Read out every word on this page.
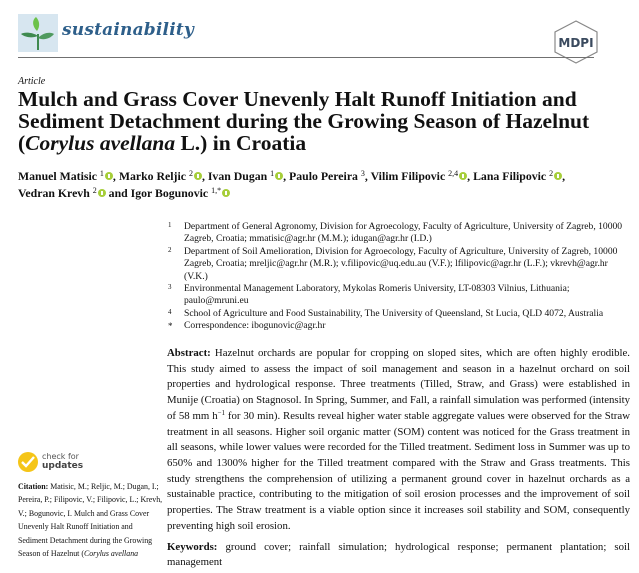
sustainability
MDPI
Article
Mulch and Grass Cover Unevenly Halt Runoff Initiation and Sediment Detachment during the Growing Season of Hazelnut (Corylus avellana L.) in Croatia
Manuel Matisic $^1$ , Marko Reljic $^2$ , Ivan Dugan $^1$ , Paulo Pereira $^3$, Vilim Filipovic $^{2,4}$ , Lana Filipovic $^2$ ,
Vedran Krevh $^2$ and Igor Bogunovic $^{1,*}$
1 Department of General Agronomy, Division for Agroecology, Faculty of Agriculture, University of Zagreb, 10000 Zagreb, Croatia; mmatisic@agr.hr (M.M.); idugan@agr.hr (I.D.)
2 Department of Soil Amelioration, Division for Agroecology, Faculty of Agriculture, University of Zagreb, 10000 Zagreb, Croatia; mreljic@agr.hr (M.R.); v.filipovic@uq.edu.au (V.F.); lfilipovic@agr.hr (L.F.); vkrevh@agr.hr (V.K.)
3 Environmental Management Laboratory, Mykolas Romeris University, LT-08303 Vilnius, Lithuania; paulo@mruni.eu
4 School of Agriculture and Food Sustainability, The University of Queensland, St Lucia, QLD 4072, Australia
* Correspondence: ibogunovic@agr.hr
check for
updates
Citation: Matisic, M.; Reljic, M.; Dugan, I.; Pereira, P.; Filipovic, V.; Filipovic, L.; Krevh, V.; Bogunovic, I. Mulch and Grass Cover Unevenly Halt Runoff Initiation and Sediment Detachment during the Growing Season of Hazelnut (Corylus avellana

Abstract: Hazelnut orchards are popular for cropping on sloped sites, which are often highly erodible. This study aimed to assess the impact of soil management and season in a hazelnut orchard on soil properties and hydrological response. Three treatments (Tilled, Straw, and Grass) were established in Munije (Croatia) on Stagnosol. In Spring, Summer, and Fall, a rainfall simulation was performed (intensity of 58 mm $h^{-1}$ for 30 min). Results reveal higher water stable aggregate values were observed for the Straw treatment in all seasons. Higher soil organic matter (SOM) content was noticed for the Grass treatment in all seasons, while lower values were recorded for the Tilled treatment. Sediment loss in Summer was up to 650% and 1300% higher for the Tilled treatment compared with the Straw and Grass treatments. This study strengthens the comprehension of utilizing a permanent ground cover in hazelnut orchards as a sustainable practice, contributing to the mitigation of soil erosion processes and the improvement of soil properties. The Straw treatment is a viable option since it increases soil stability and SOM, consequently preventing high soil erosion.

Keywords: ground cover; rainfall simulation; hydrological response; permanent plantation; soil management
